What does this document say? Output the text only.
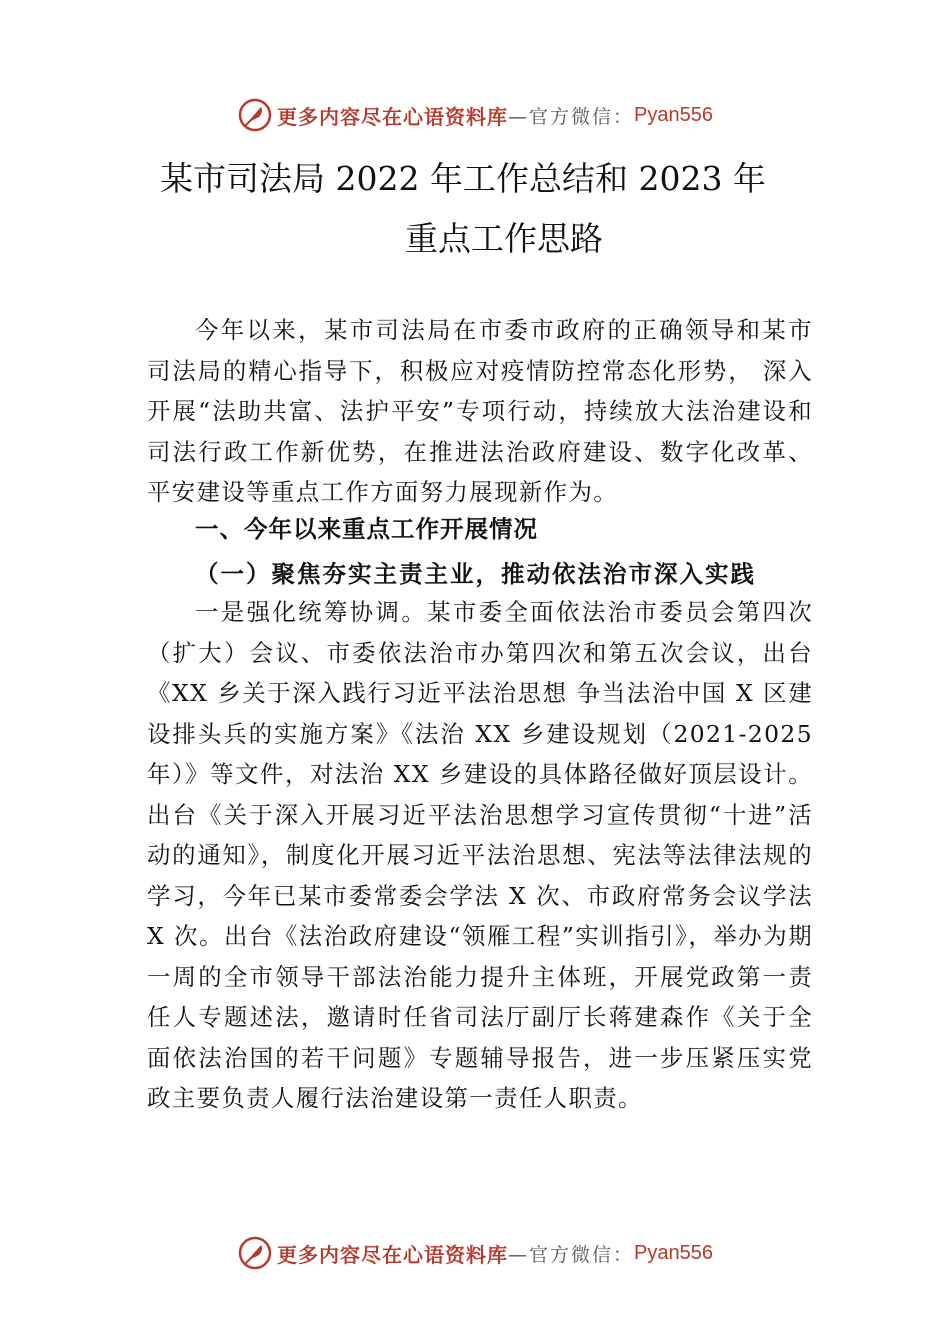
更多内容尽在心语资料库 —官方微信： Pyan556
某市司法局 2022 年工作总结和 2023 年
重点工作思路
今年以来，某市司法局在市委市政府的正确领导和某市司法局的精心指导下，积极应对疫情防控常态化形势， 深入开展“法助共富、法护平安”专项行动，持续放大法治建设和司法行政工作新优势，在推进法治政府建设、数字化改革、平安建设等重点工作方面努力展现新作为。
一、今年以来重点工作开展情况
（一）聚焦夯实主责主业，推动依法治市深入实践
一是强化统筹协调。某市委全面依法治市委员会第四次（扩大）会议、市委依法治市办第四次和第五次会议，出台《XX 乡关于深入践行习近平法治思想 争当法治中国 X 区建设排头兵的实施方案》《法治 XX 乡建设规划（2021-2025年）》等文件，对法治 XX 乡建设的具体路径做好顶层设计。出台《关于深入开展习近平法治思想学习宣传贯彻“十进”活动的通知》，制度化开展习近平法治思想、宪法等法律法规的学习，今年已某市委常委会学法 X 次、市政府常务会议学法 X 次。出台《法治政府建设“领雁工程”实训指引》，举办为期一周的全市领导干部法治能力提升主体班，开展党政第一责任人专题述法，邀请时任省司法厅副厅长蒋建森作《关于全面依法治国的若干问题》专题辅导报告，进一步压紧压实党 政主要负责人履行法治建设第一责任人职责。
更多内容尽在心语资料库 —官方微信： Pyan556
